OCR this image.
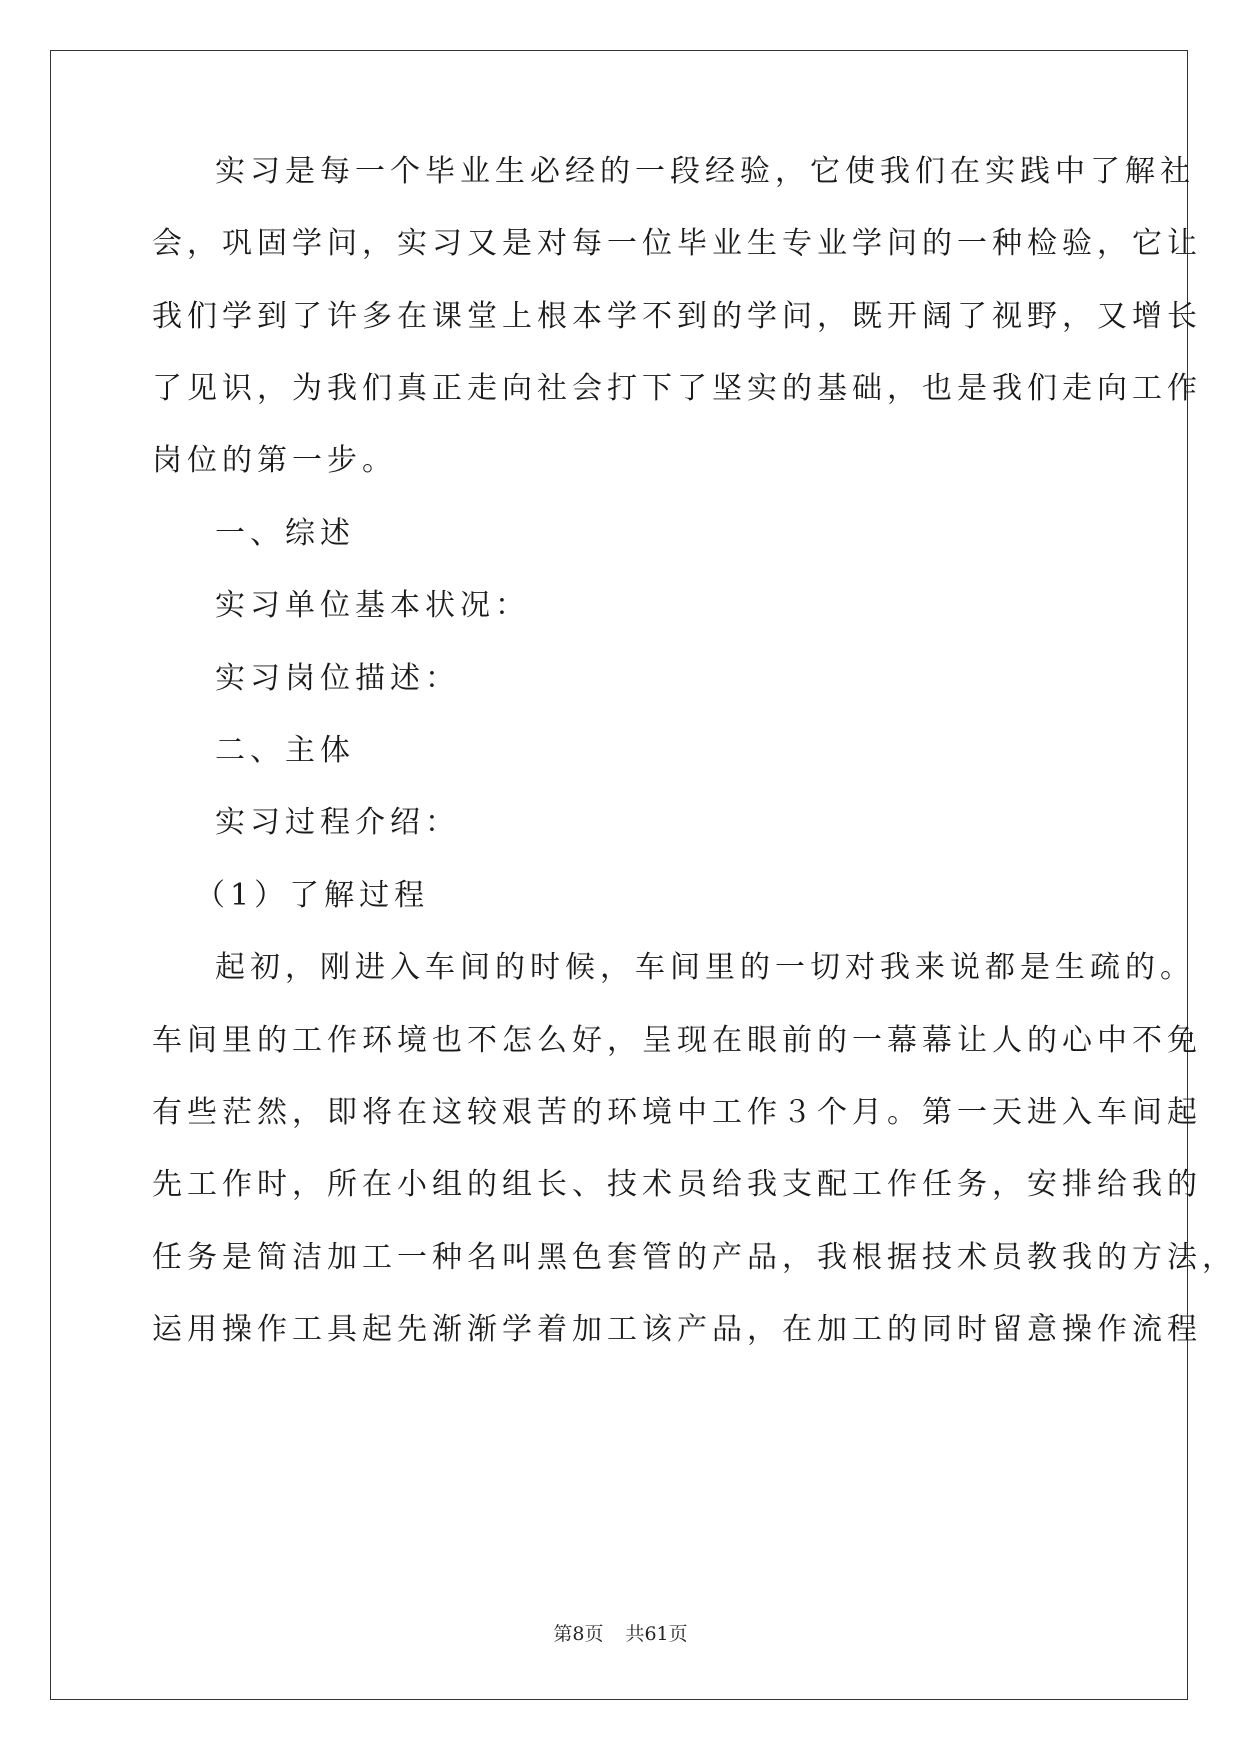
实习是每一个毕业生必经的一段经验，它使我们在实践中了解社
会，巩固学问，实习又是对每一位毕业生专业学问的一种检验，它让
我们学到了许多在课堂上根本学不到的学问，既开阔了视野，又增长
了见识，为我们真正走向社会打下了坚实的基础，也是我们走向工作
岗位的第一步。
一、综述
实习单位基本状况：
实习岗位描述：
二、主体
实习过程介绍：
（1）了解过程
起初，刚进入车间的时候，车间里的一切对我来说都是生疏的。
车间里的工作环境也不怎么好，呈现在眼前的一幕幕让人的心中不免
有些茫然，即将在这较艰苦的环境中工作３个月。第一天进入车间起
先工作时，所在小组的组长、技术员给我支配工作任务，安排给我的
任务是简洁加工一种名叫黑色套管的产品，我根据技术员教我的方法，
运用操作工具起先渐渐学着加工该产品，在加工的同时留意操作流程
第8页 共61页
